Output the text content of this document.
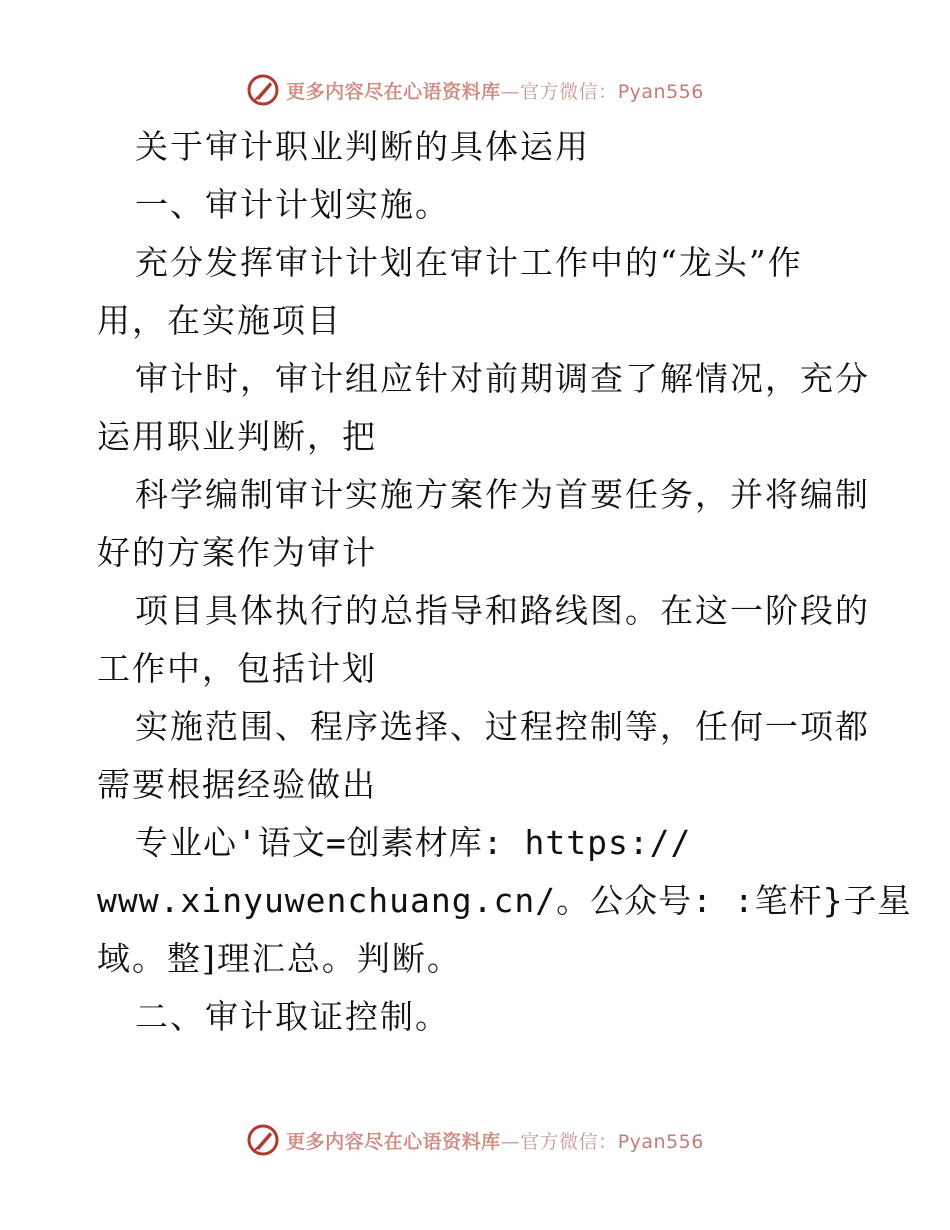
更多内容尽在心语资料库—官方微信：Pyan556
关于审计职业判断的具体运用
一、审计计划实施。
充分发挥审计计划在审计工作中的“龙头”作
用，在实施项目
审计时，审计组应针对前期调查了解情况，充分
运用职业判断，把
科学编制审计实施方案作为首要任务，并将编制
好的方案作为审计
项目具体执行的总指导和路线图。在这一阶段的
工作中，包括计划
实施范围、程序选择、过程控制等，任何一项都
需要根据经验做出
专业心'语文=创素材库: https://
www.xinyuwenchuang.cn/。公众号: :笔杆}子星
域。整]理汇总。判断。
二、审计取证控制。
更多内容尽在心语资料库—官方微信：Pyan556
